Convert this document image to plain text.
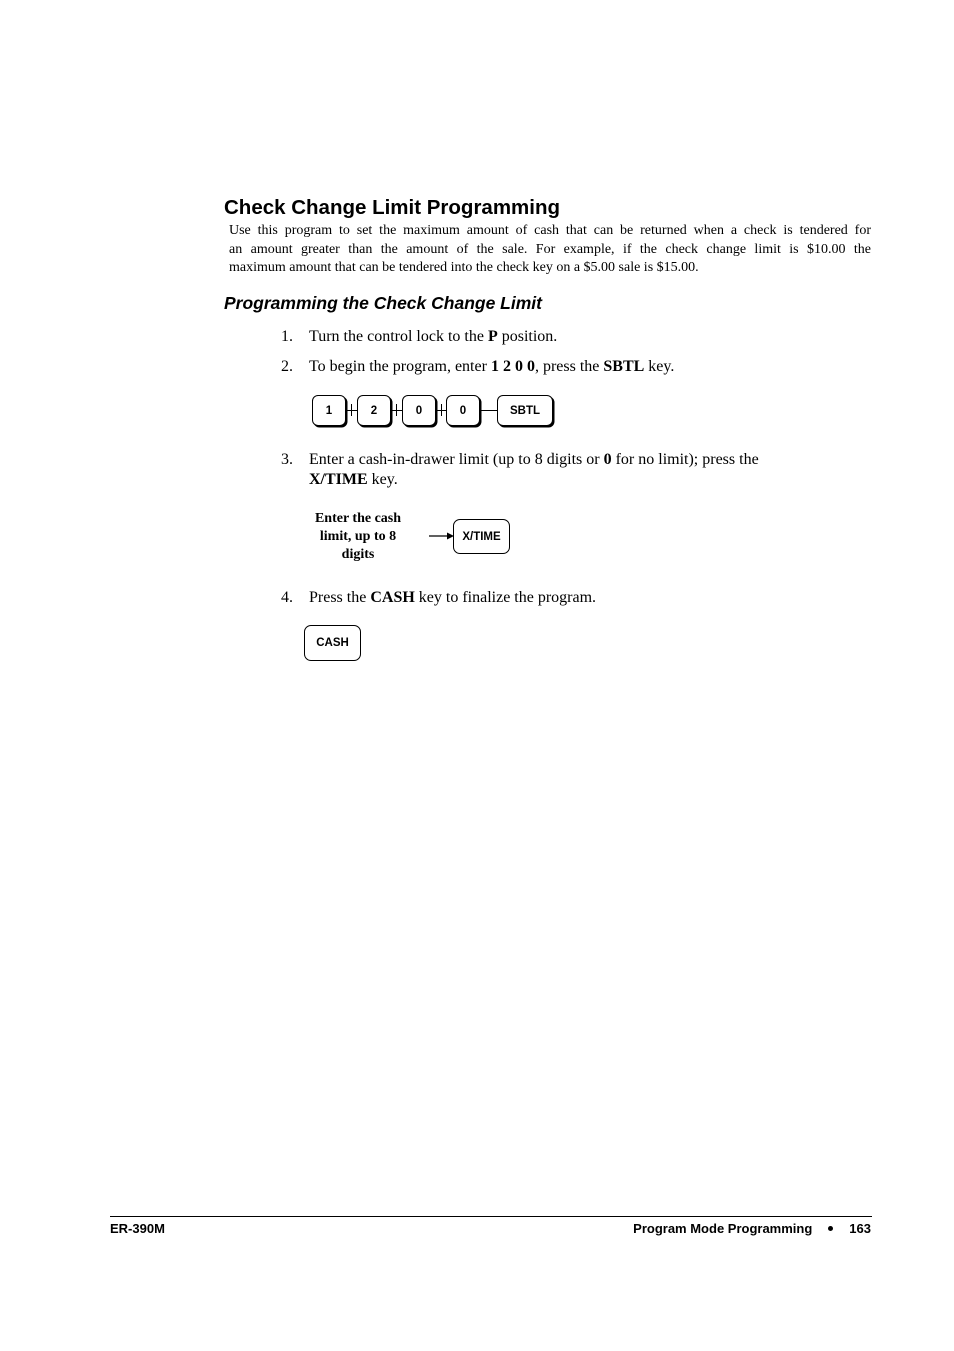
Check Change Limit Programming
Use this program to set the maximum amount of cash that can be returned when a check is tendered for
an amount greater than the amount of the sale. For example, if the check change limit is $10.00 the
maximum amount that can be tendered into the check key on a $5.00 sale is $15.00.
Programming the Check Change Limit
1. Turn the control lock to the P position.
2. To begin the program, enter 1 2 0 0, press the SBTL key.
1	2	0	0	SBTL
3. Enter a cash-in-drawer limit (up to 8 digits or 0 for no limit); press the
X/TIME key.
Enter the cash
limit, up to 8
digits
X/TIME
4. Press the CASH key to finalize the program.
CASH
ER-390M	Program Mode Programming	163
